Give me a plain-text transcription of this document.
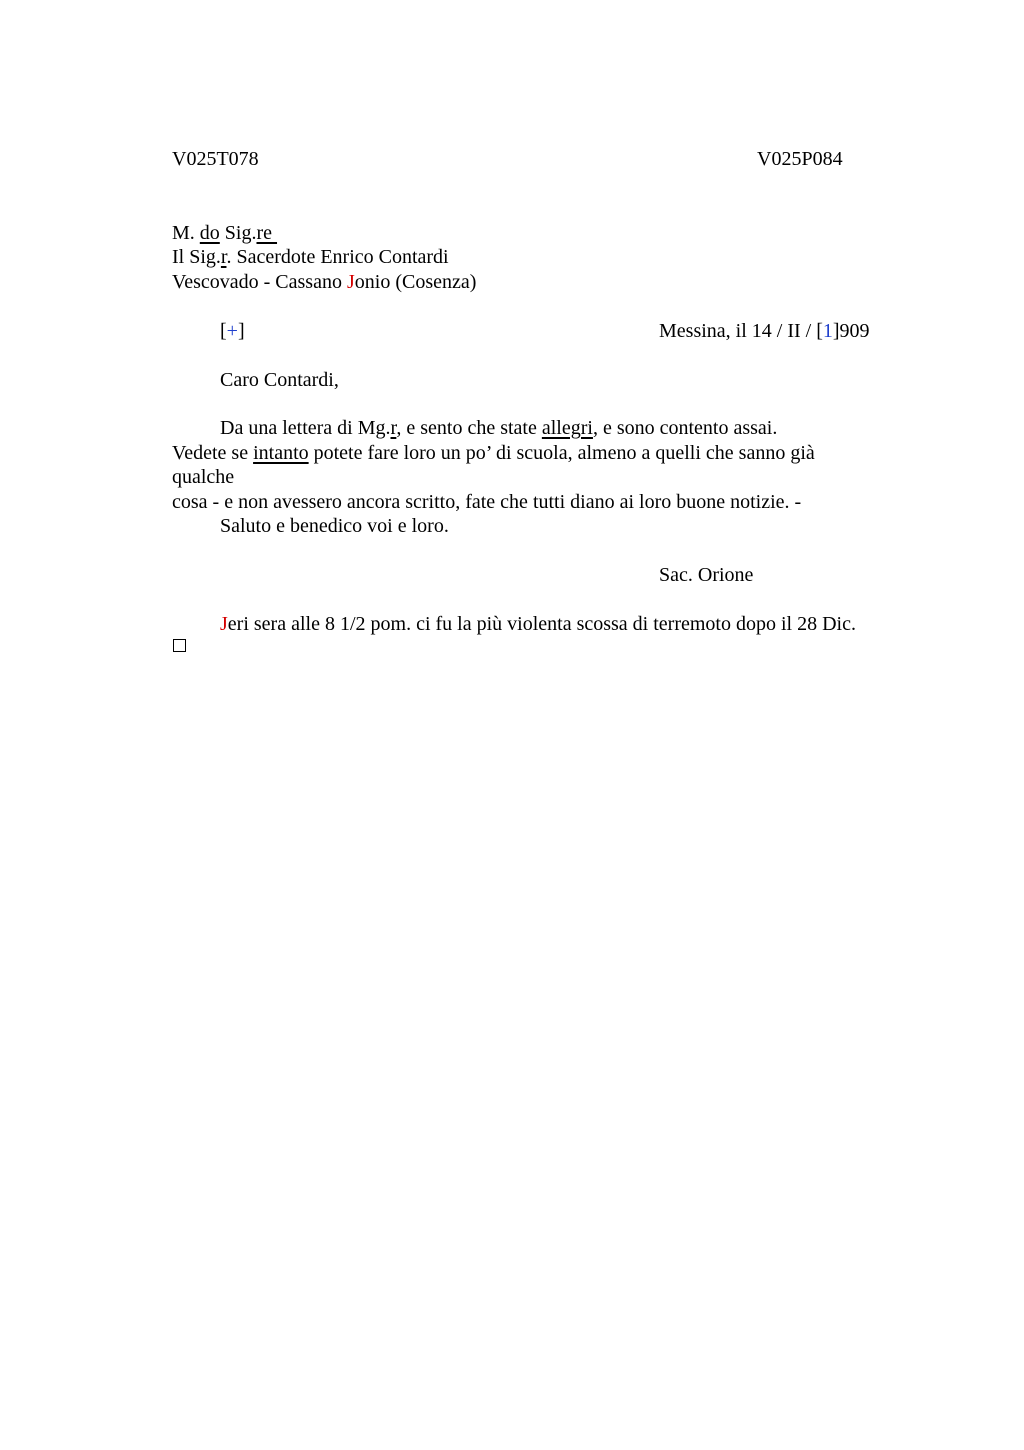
V025T078	V025P084
M. do Sig.re
Il Sig.r. Sacerdote Enrico Contardi
Vescovado - Cassano Jonio (Cosenza)
[+]	Messina, il 14 / II / [1]909
Caro Contardi,
Da una lettera di Mg.r, e sento che state allegri, e sono contento assai.
Vedete se intanto potete fare loro un po’ di scuola, almeno a quelli che sanno già
qualche
cosa - e non avessero ancora scritto, fate che tutti diano ai loro buone notizie. -
Saluto e benedico voi e loro.
Sac. Orione
Jeri sera alle 8 1/2 pom. ci fu la più violenta scossa di terremoto dopo il 28 Dic.
